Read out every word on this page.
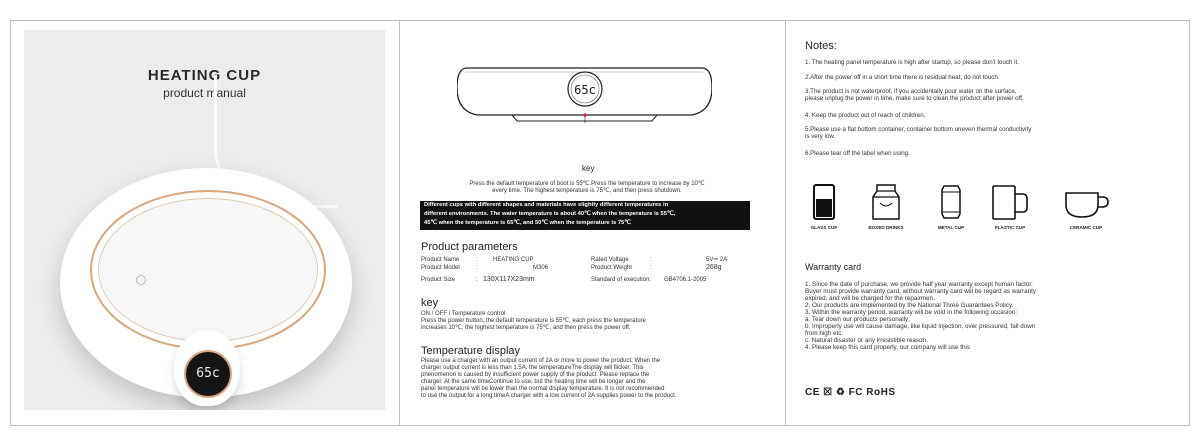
HEATING CUP
product manual
65c
65c
key
Press the default temperature of boot is 55℃.Press the temperature to increase by 10℃
every time. The highest temperature is 75℃, and then press shutdown.
Different cups with different shapes and materials have slightly different temperatures in
different environments. The water temperature is about 40℃ when the temperature is 55℃,
45℃ when the temperature is 65℃, and 50℃ when the temperature is 75℃
Product parameters
Product Name	:	HEATING CUP	Rated Voltage	:	5V⎓ 2A
Product Model	:	M306	Product Weight	:	268g
Product Size	: 130X117X23mm	Standard of execution: GB4706.1-2005
key
ON / OFF / Temperature control
Press the power button, the default temperature is 55℃, each press the temperature
increases 10℃, the highest temperature is 75℃, and then press the power off.
Temperature display
Please use a charger with an output current of 2A or more to power the product. When the
charger output current is less than 1.5A, the temperatureThe display will flicker. This
phenomenon is caused by insufficient power supply of the product. Please replace the
charger. At the same timeContinue to use, but the heating time will be longer and the
panel temperature will be lower than the normal display temperature. It is not recommended
to use the output for a long timeA charger with a low current of 2A supplies power to the product.
Notes:
1. The heating panel temperature is high after startup, so please don't touch it.
2.After the power off in a short time there is residual heat, do not touch.
3.The product is not waterproof, if you accidentally pour water on the surface,
please unplug the power in time, make sure to clean the product after power off.
4. Keep the product out of reach of children.
5.Please use a flat bottom container, container bottom uneven thermal conductivity
is very low.
6.Please tear off the label when using.
GLASS CUP	BOXED DRINKS	METAL CUP	PLASTIC CUP	CERAMIC CUP
Warranty card
1. Since the date of purchase, we provide half year warranty except human factor.
Buyer must provide warranty card, without warranty card will be regard as warranty
expired, and will be charged for the repairmen.
2. Our products are implemented by the National Three Guarantees Policy.
3. Within the warranty period, warranty will be void in the following occasion:
a. Tear down our products personally;
b. Improperly use will cause damage, like liquid injection, over pressured, fall down
from high etc.
c. Natural disaster or any irresistible reason.
4. Please keep this card properly, our company will use this
CE ☒ ♻ FC RoHS
